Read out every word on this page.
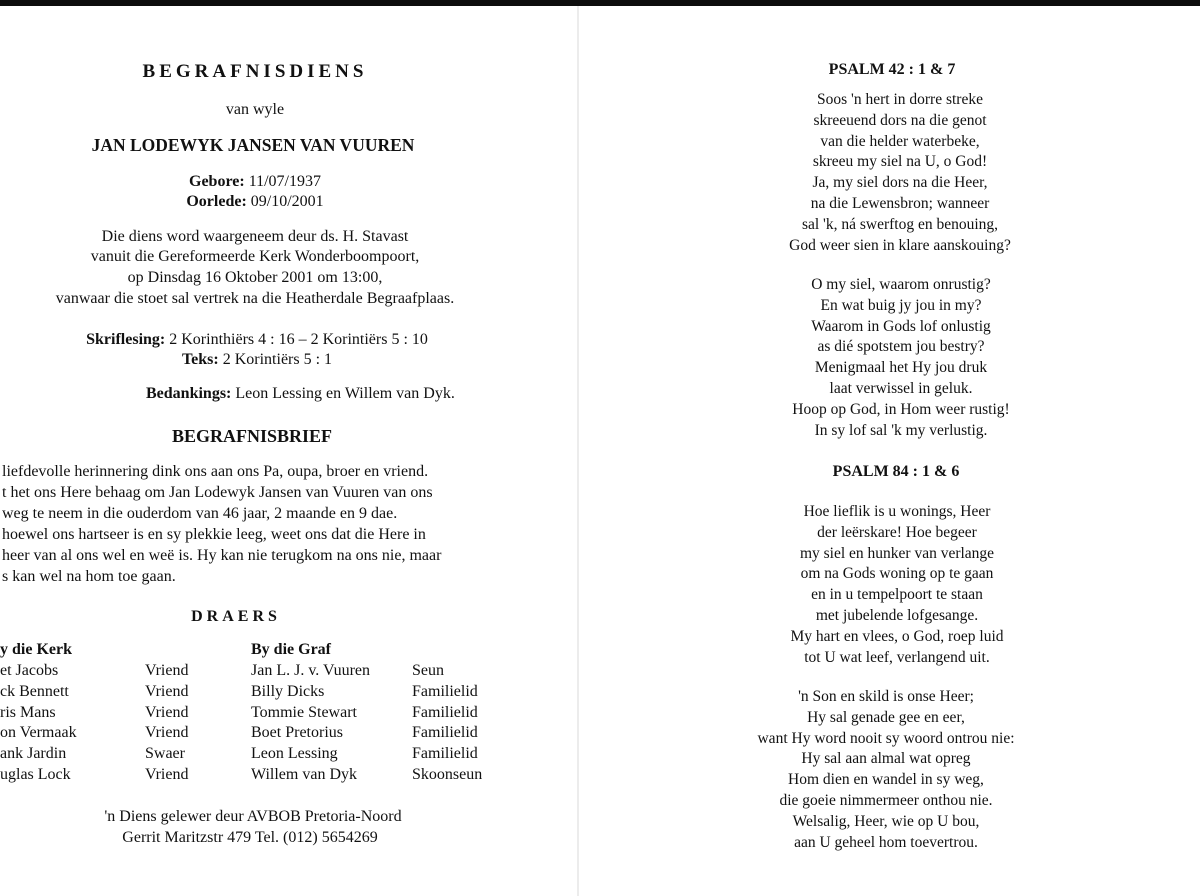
BEGRAFNISDIENS
van wyle
JAN LODEWYK JANSEN VAN VUUREN
Gebore: 11/07/1937
Oorlede: 09/10/2001
Die diens word waargeneem deur ds. H. Stavast
vanuit die Gereformeerde Kerk Wonderboompoort,
op Dinsdag 16 Oktober 2001 om 13:00,
vanwaar die stoet sal vertrek na die Heatherdale Begraafplaas.
Skriflesing: 2 Korinthiërs 4 : 16 – 2 Korintiërs 5 : 10
Teks: 2 Korintiërs 5 : 1
Bedankings: Leon Lessing en Willem van Dyk.
BEGRAFNISBRIEF
liefdevolle herinnering dink ons aan ons Pa, oupa, broer en vriend.
t het ons Here behaag om Jan Lodewyk Jansen van Vuuren van ons
weg te neem in die ouderdom van 46 jaar, 2 maande en 9 dae.
hoewel ons hartseer is en sy plekkie leeg, weet ons dat die Here in
heer van al ons wel en weë is. Hy kan nie terugkom na ons nie, maar
s kan wel na hom toe gaan.
DRAERS
y die Kerk	By die Graf
et Jacobs	Vriend	Jan L. J. v. Vuuren	Seun
ck Bennett	Vriend	Billy Dicks	Familielid
ris Mans	Vriend	Tommie Stewart	Familielid
on Vermaak	Vriend	Boet Pretorius	Familielid
ank Jardin	Swaer	Leon Lessing	Familielid
uglas Lock	Vriend	Willem van Dyk	Skoonseun
'n Diens gelewer deur AVBOB Pretoria-Noord
Gerrit Maritzstr 479 Tel. (012) 5654269
PSALM 42 : 1 & 7
Soos 'n hert in dorre streke
skreeuend dors na die genot
van die helder waterbeke,
skreeu my siel na U, o God!
Ja, my siel dors na die Heer,
na die Lewensbron; wanneer
sal 'k, ná swerftog en benouing,
God weer sien in klare aanskouing?
O my siel, waarom onrustig?
En wat buig jy jou in my?
Waarom in Gods lof onlustig
as dié spotstem jou bestry?
Menigmaal het Hy jou druk
laat verwissel in geluk.
Hoop op God, in Hom weer rustig!
In sy lof sal 'k my verlustig.
PSALM 84 : 1 & 6
Hoe lieflik is u wonings, Heer
der leërskare! Hoe begeer
my siel en hunker van verlange
om na Gods woning op te gaan
en in u tempelpoort te staan
met jubelende lofgesange.
My hart en vlees, o God, roep luid
tot U wat leef, verlangend uit.
'n Son en skild is onse Heer;
Hy sal genade gee en eer,
want Hy word nooit sy woord ontrou nie:
Hy sal aan almal wat opreg
Hom dien en wandel in sy weg,
die goeie nimmermeer onthou nie.
Welsalig, Heer, wie op U bou,
aan U geheel hom toevertrou.
